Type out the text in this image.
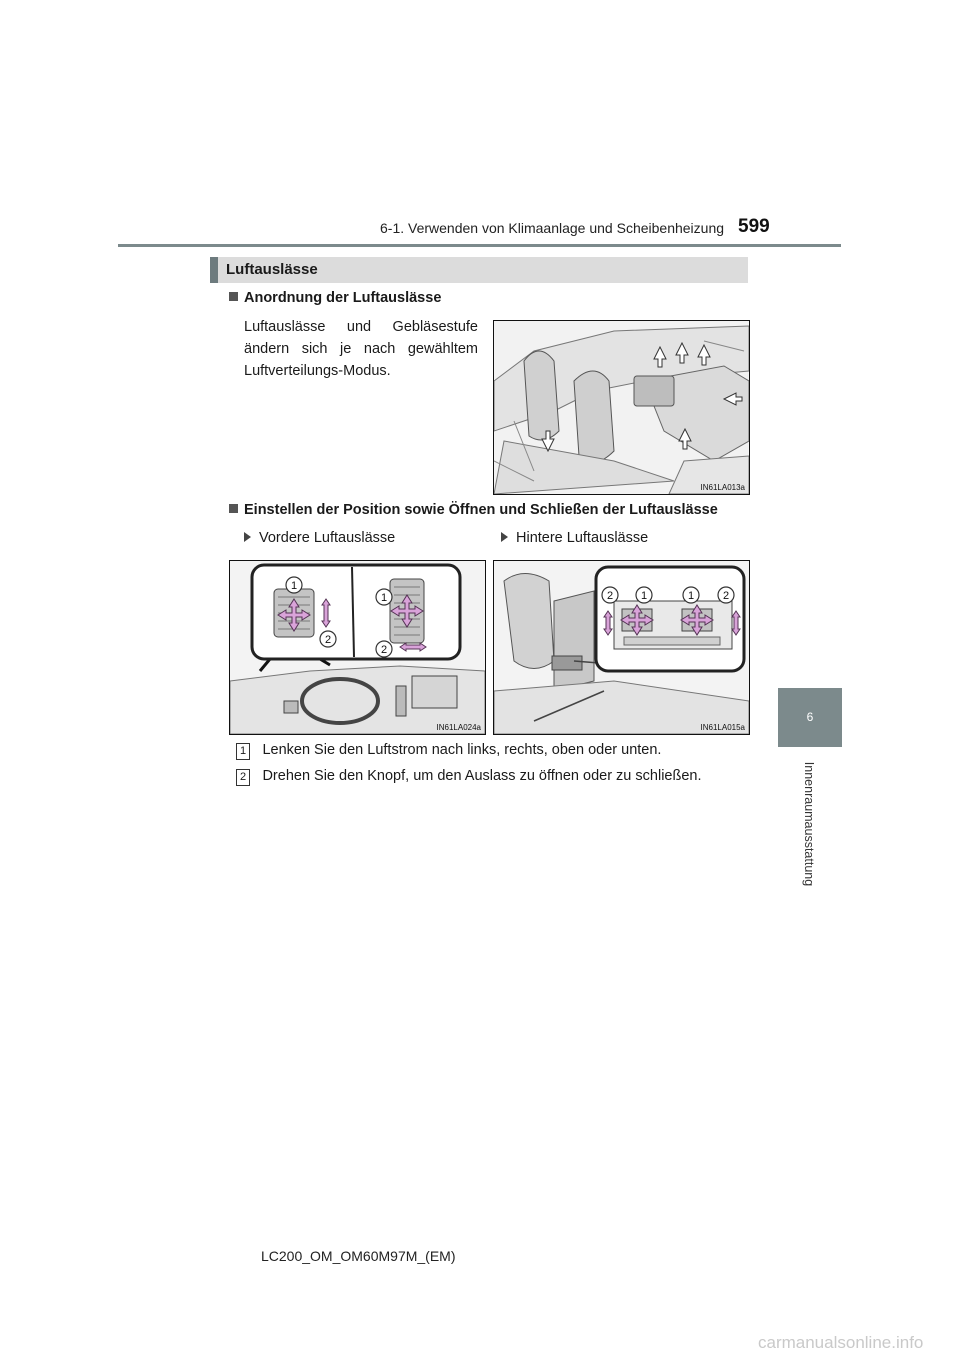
6-1. Verwenden von Klimaanlage und Scheibenheizung 599
Luftauslässe
Anordnung der Luftauslässe
Luftauslässe und Gebläsestufe ändern sich je nach gewähltem Luftverteilungs-Modus.
IN61LA013a
Einstellen der Position sowie Öffnen und Schließen der Luftauslässe
Vordere Luftauslässe	Hintere Luftauslässe
1
2
1
2
IN61LA024a
2	1	1	2
IN61LA015a
1 Lenken Sie den Luftstrom nach links, rechts, oben oder unten.
2 Drehen Sie den Knopf, um den Auslass zu öffnen oder zu schließen.
6
Innenraumausstattung
LC200_OM_OM60M97M_(EM)
carmanualsonline.info
